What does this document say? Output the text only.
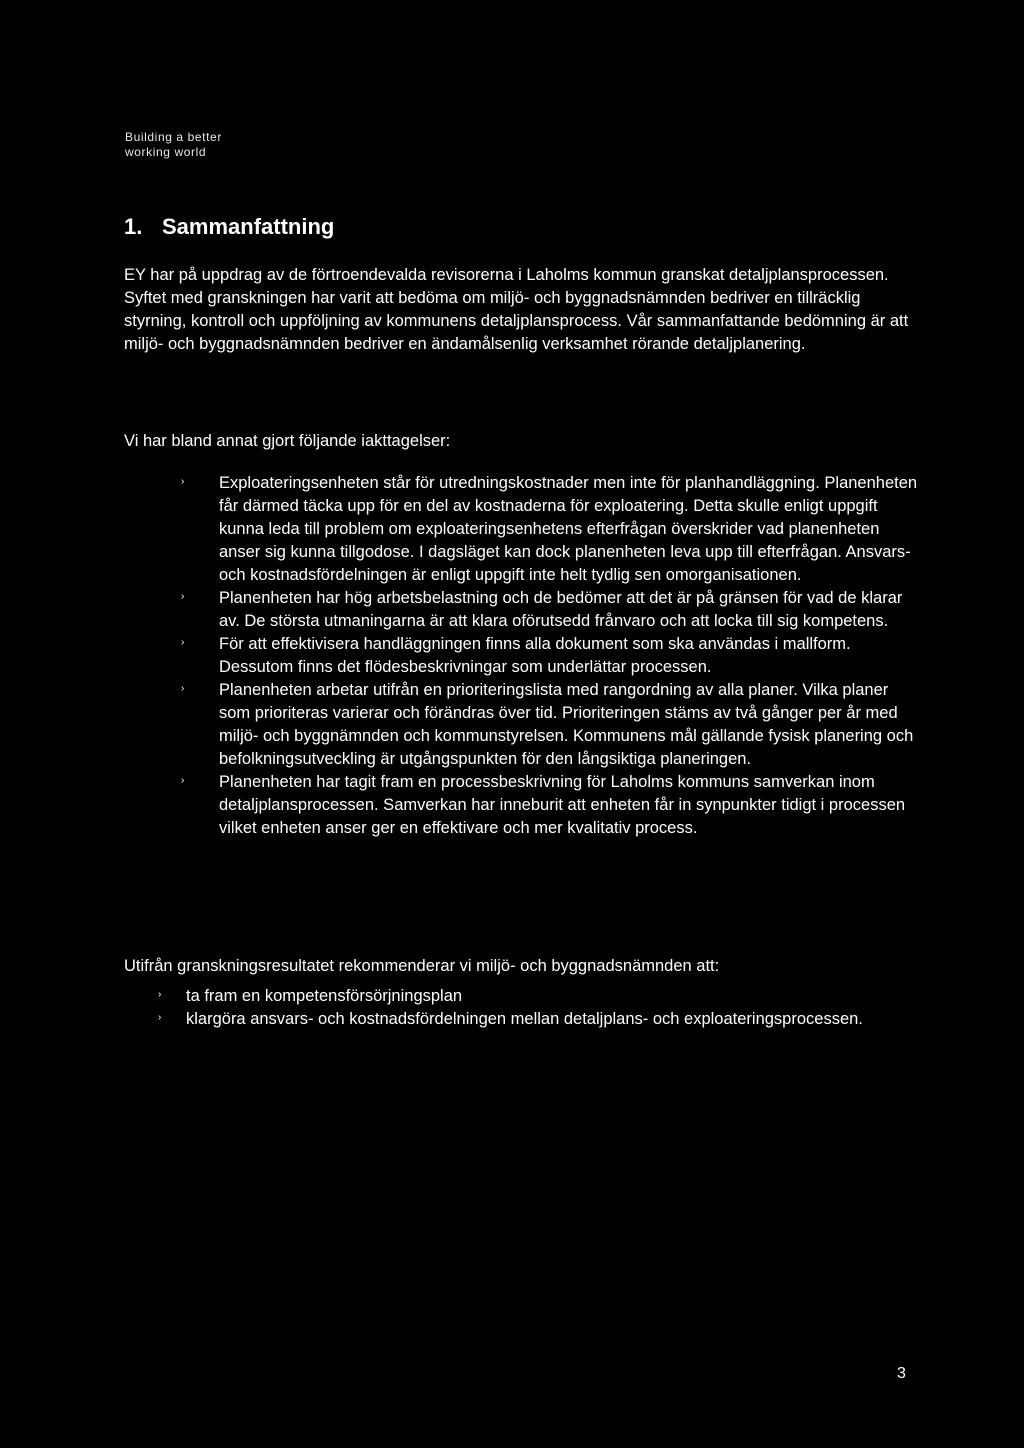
Building a better
working world
1. Sammanfattning

EY har på uppdrag av de förtroendevalda revisorerna i Laholms kommun granskat detaljplansprocessen. Syftet med granskningen har varit att bedöma om miljö- och byggnadsnämnden bedriver en tillräcklig styrning, kontroll och uppföljning av kommunens detaljplansprocess. Vår sammanfattande bedömning är att miljö- och byggnadsnämnden bedriver en ändamålsenlig verksamhet rörande detaljplanering.

Vi har bland annat gjort följande iakttagelser:

› Exploateringsenheten står för utredningskostnader men inte för planhandläggning. Planenheten får därmed täcka upp för en del av kostnaderna för exploatering. Detta skulle enligt uppgift kunna leda till problem om exploateringsenhetens efterfrågan överskrider vad planenheten anser sig kunna tillgodose. I dagsläget kan dock planenheten leva upp till efterfrågan. Ansvars- och kostnadsfördelningen är enligt uppgift inte helt tydlig sen omorganisationen.
› Planenheten har hög arbetsbelastning och de bedömer att det är på gränsen för vad de klarar av. De största utmaningarna är att klara oförutsedd frånvaro och att locka till sig kompetens.
› För att effektivisera handläggningen finns alla dokument som ska användas i mallform. Dessutom finns det flödesbeskrivningar som underlättar processen.
› Planenheten arbetar utifrån en prioriteringslista med rangordning av alla planer. Vilka planer som prioriteras varierar och förändras över tid. Prioriteringen stäms av två gånger per år med miljö- och byggnämnden och kommunstyrelsen. Kommunens mål gällande fysisk planering och befolkningsutveckling är utgångspunkten för den långsiktiga planeringen.
› Planenheten har tagit fram en processbeskrivning för Laholms kommuns samverkan inom detaljplansprocessen. Samverkan har inneburit att enheten får in synpunkter tidigt i processen vilket enheten anser ger en effektivare och mer kvalitativ process.

Utifrån granskningsresultatet rekommenderar vi miljö- och byggnadsnämnden att:

› ta fram en kompetensförsörjningsplan
› klargöra ansvars- och kostnadsfördelningen mellan detaljplans- och exploateringsprocessen.
3
